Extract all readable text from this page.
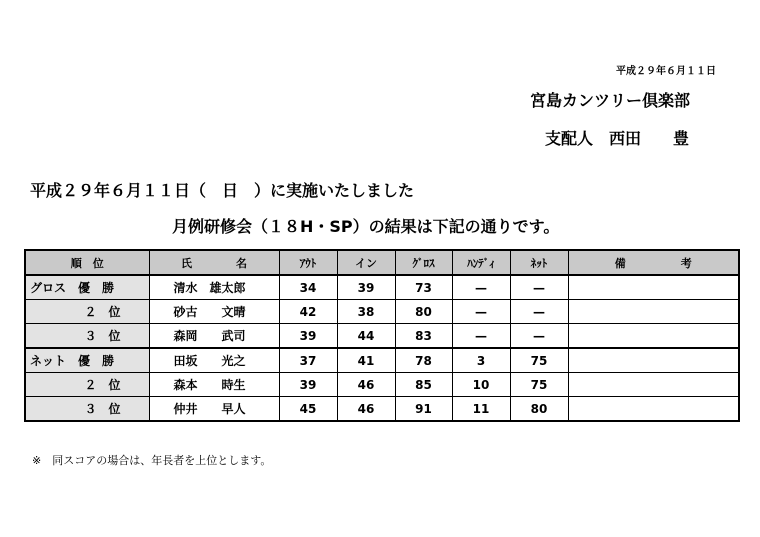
平成２９年６月１１日
宮島カンツリー倶楽部
支配人　西田　　豊
平成２９年６月１１日（　日　）に実施いたしました
月例研修会（１８H・SP）の結果は下記の通りです。
順　位	氏　　　　名	ｱｳﾄ	イン	ｸﾞﾛｽ	ﾊﾝﾃﾞｨ	ﾈｯﾄ	備　　　　　考
グロス　優　勝	清水　雄太郎	34	39	73	—	—	
２　位	砂古　　文晴	42	38	80	—	—	
３　位	森岡　　武司	39	44	83	—	—	
ネット　優　勝	田坂　　光之	37	41	78	3	75	
２　位	森本　　時生	39	46	85	10	75	
３　位	仲井　　早人	45	46	91	11	80	
※　同スコアの場合は、年長者を上位とします。
